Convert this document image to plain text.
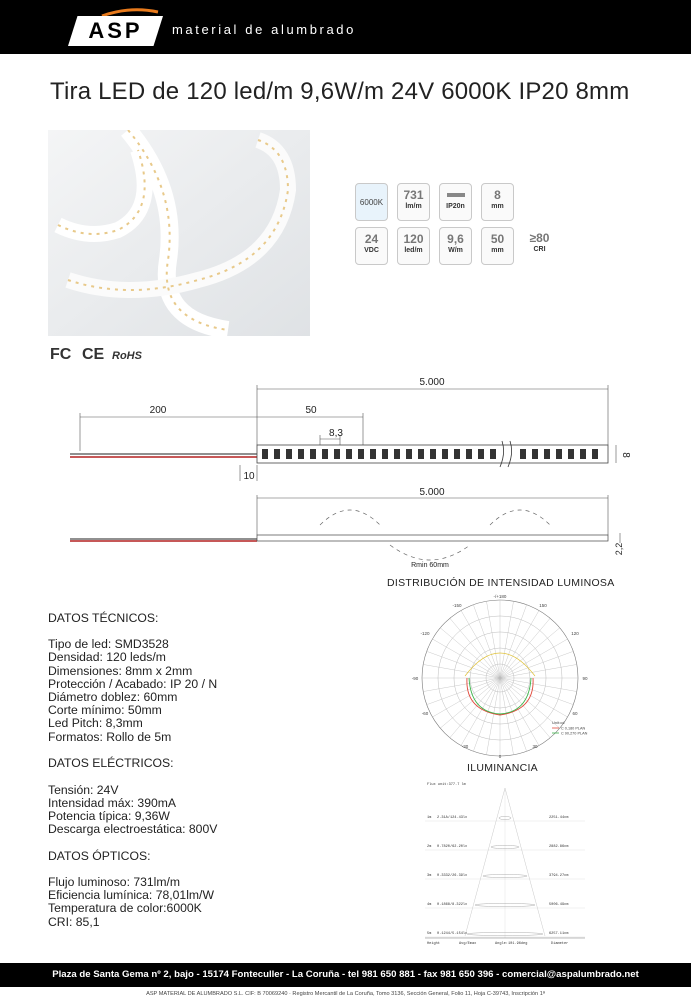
ASP	material de alumbrado
Tira LED de 120 led/m 9,6W/m 24V 6000K IP20 8mm
6000K
731
lm/m	IP20n
8
mm
24
VDC
120
led/m
9,6
W/m
50
mm
≥80
CRI
FC CE RoHS
5.000
200	50
8,3
8
10
5.000
Rmin 60mm
2,2
DISTRIBUCIÓN DE INTENSIDAD LUMINOSA
-/+180
-150	150
-120	120
-90	90
-60	60
-30	30
0
Unit:cd
C 0,180 PLAN
C 90,270 PLAN
ILUMINANCIA
Flux unit:377.7 lm
1m 2.31A/124.43lx	2251.44cm
2m 0.7820/62.20lx	2882.86cm
3m 0.3332/26.39lx	3794.27cm
4m 0.1868/8.322lx	5006.49cm
5m 0.1244/5.154lx	6257.11cm
Height	Avg/Emax	Angle:101.96deg	Diameter
DATOS TÉCNICOS:
Tipo de led: SMD3528
Densidad: 120 leds/m
Dimensiones: 8mm x 2mm
Protección / Acabado: IP 20 / N
Diámetro doblez: 60mm
Corte mínimo: 50mm
Led Pitch: 8,3mm
Formatos: Rollo de 5m
DATOS ELÉCTRICOS:
Tensión: 24V
Intensidad máx: 390mA
Potencia típica: 9,36W
Descarga electroestática: 800V
DATOS ÓPTICOS:
Flujo luminoso: 731lm/m
Eficiencia lumínica: 78,01lm/W
Temperatura de color:6000K
CRI: 85,1
Plaza de Santa Gema nº 2, bajo - 15174 Fonteculler - La Coruña - tel 981 650 881 - fax 981 650 396 - comercial@aspalumbrado.net
ASP MATERIAL DE ALUMBRADO S.L. CIF: B 70069240 · Registro Mercantil de La Coruña, Tomo 3136, Sección General, Folio 11, Hoja C-39743, Inscripción 1ª
